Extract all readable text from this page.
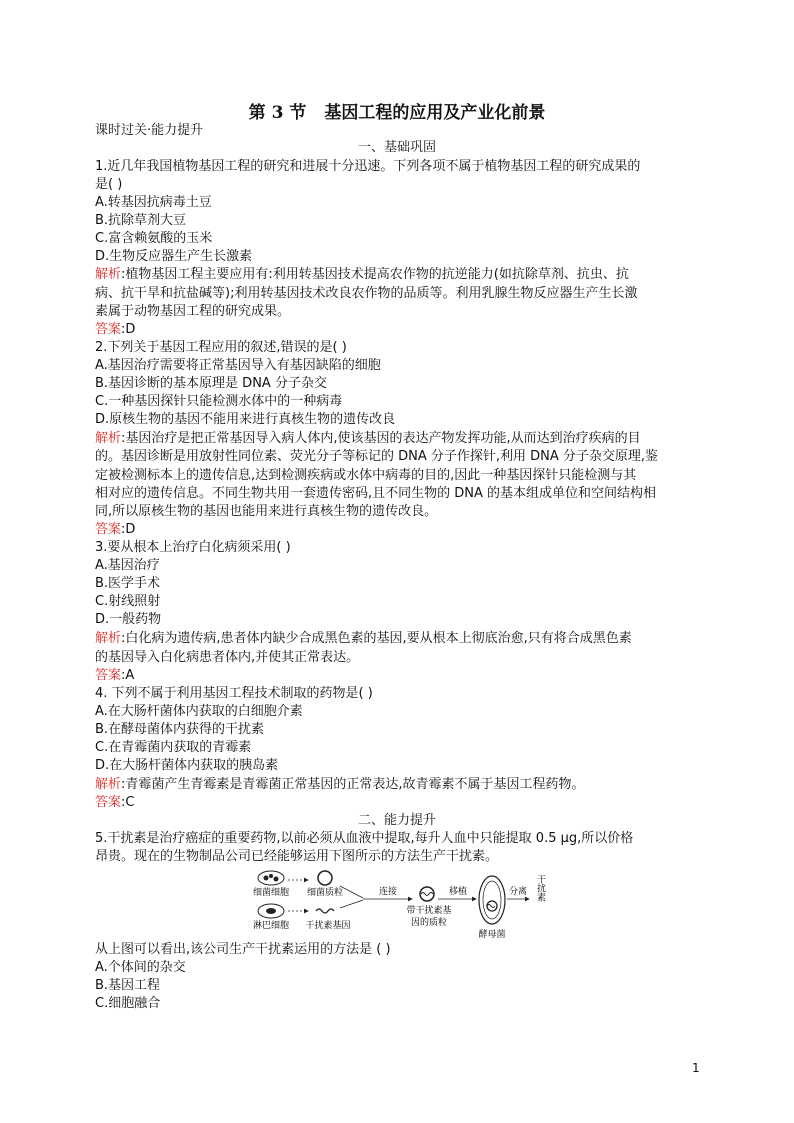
第 3 节 基因工程的应用及产业化前景
课时过关·能力提升
一、基础巩固
1.近几年我国植物基因工程的研究和进展十分迅速。下列各项不属于植物基因工程的研究成果的
是( )
A.转基因抗病毒土豆
B.抗除草剂大豆
C.富含赖氨酸的玉米
D.生物反应器生产生长激素
解析:植物基因工程主要应用有:利用转基因技术提高农作物的抗逆能力(如抗除草剂、抗虫、抗
病、抗干旱和抗盐碱等);利用转基因技术改良农作物的品质等。利用乳腺生物反应器生产生长激
素属于动物基因工程的研究成果。
答案:D
2.下列关于基因工程应用的叙述,错误的是( )
A.基因治疗需要将正常基因导入有基因缺陷的细胞
B.基因诊断的基本原理是 DNA 分子杂交
C.一种基因探针只能检测水体中的一种病毒
D.原核生物的基因不能用来进行真核生物的遗传改良
解析:基因治疗是把正常基因导入病人体内,使该基因的表达产物发挥功能,从而达到治疗疾病的目
的。基因诊断是用放射性同位素、荧光分子等标记的 DNA 分子作探针,利用 DNA 分子杂交原理,鉴
定被检测标本上的遗传信息,达到检测疾病或水体中病毒的目的,因此一种基因探针只能检测与其
相对应的遗传信息。不同生物共用一套遗传密码,且不同生物的 DNA 的基本组成单位和空间结构相
同,所以原核生物的基因也能用来进行真核生物的遗传改良。
答案:D
3.要从根本上治疗白化病须采用( )
A.基因治疗
B.医学手术
C.射线照射
D.一般药物
解析:白化病为遗传病,患者体内缺少合成黑色素的基因,要从根本上彻底治愈,只有将合成黑色素
的基因导入白化病患者体内,并使其正常表达。
答案:A
4. 下列不属于利用基因工程技术制取的药物是( )
A.在大肠杆菌体内获取的白细胞介素
B.在酵母菌体内获得的干扰素
C.在青霉菌内获取的青霉素
D.在大肠杆菌体内获取的胰岛素
解析:青霉菌产生青霉素是青霉菌正常基因的正常表达,故青霉素不属于基因工程药物。
答案:C
二、能力提升
5.干扰素是治疗癌症的重要药物,以前必须从血液中提取,每升人血中只能提取 0.5 μg,所以价格
昂贵。现在的生物制品公司已经能够运用下图所示的方法生产干扰素。
细菌细胞 细菌质粒
淋巴细胞 干扰素基因
连接	移植
带干扰素基
因的质粒
酵母菌
分离 干扰素
从上图可以看出,该公司生产干扰素运用的方法是 ( )
A.个体间的杂交
B.基因工程
C.细胞融合
1
